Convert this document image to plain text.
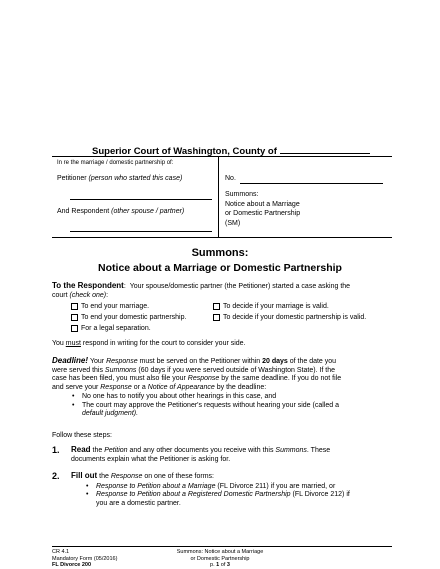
Superior Court of Washington, County of
In re the marriage / domestic partnership of:
Petitioner (person who started this case)
And Respondent (other spouse / partner)
No.
Summons:
Notice about a Marriage
or Domestic Partnership
(SM)
Summons:
Notice about a Marriage or Domestic Partnership
To the Respondent:  Your spouse/domestic partner (the Petitioner) started a case asking the
court (check one):
To end your marriage.	To decide if your marriage is valid.
To end your domestic partnership.	To decide if your domestic partnership is valid.
For a legal separation.
You must respond in writing for the court to consider your side.
Deadline! Your Response must be served on the Petitioner within 20 days of the date you
were served this Summons (60 days if you were served outside of Washington State). If the
case has been filed, you must also file your Response by the same deadline. If you do not file
and serve your Response or a Notice of Appearance by the deadline:
• No one has to notify you about other hearings in this case, and
• The court may approve the Petitioner's requests without hearing your side (called a
default judgment).
Follow these steps:
1. Read the Petition and any other documents you receive with this Summons. These
documents explain what the Petitioner is asking for.
2. Fill out the Response on one of these forms:
• Response to Petition about a Marriage (FL Divorce 211) if you are married, or
• Response to Petition about a Registered Domestic Partnership (FL Divorce 212) if
you are a domestic partner.
CR 4.1
Mandatory Form (05/2016)
FL Divorce 200
Summons: Notice about a Marriage
or Domestic Partnership
p. 1 of 3
